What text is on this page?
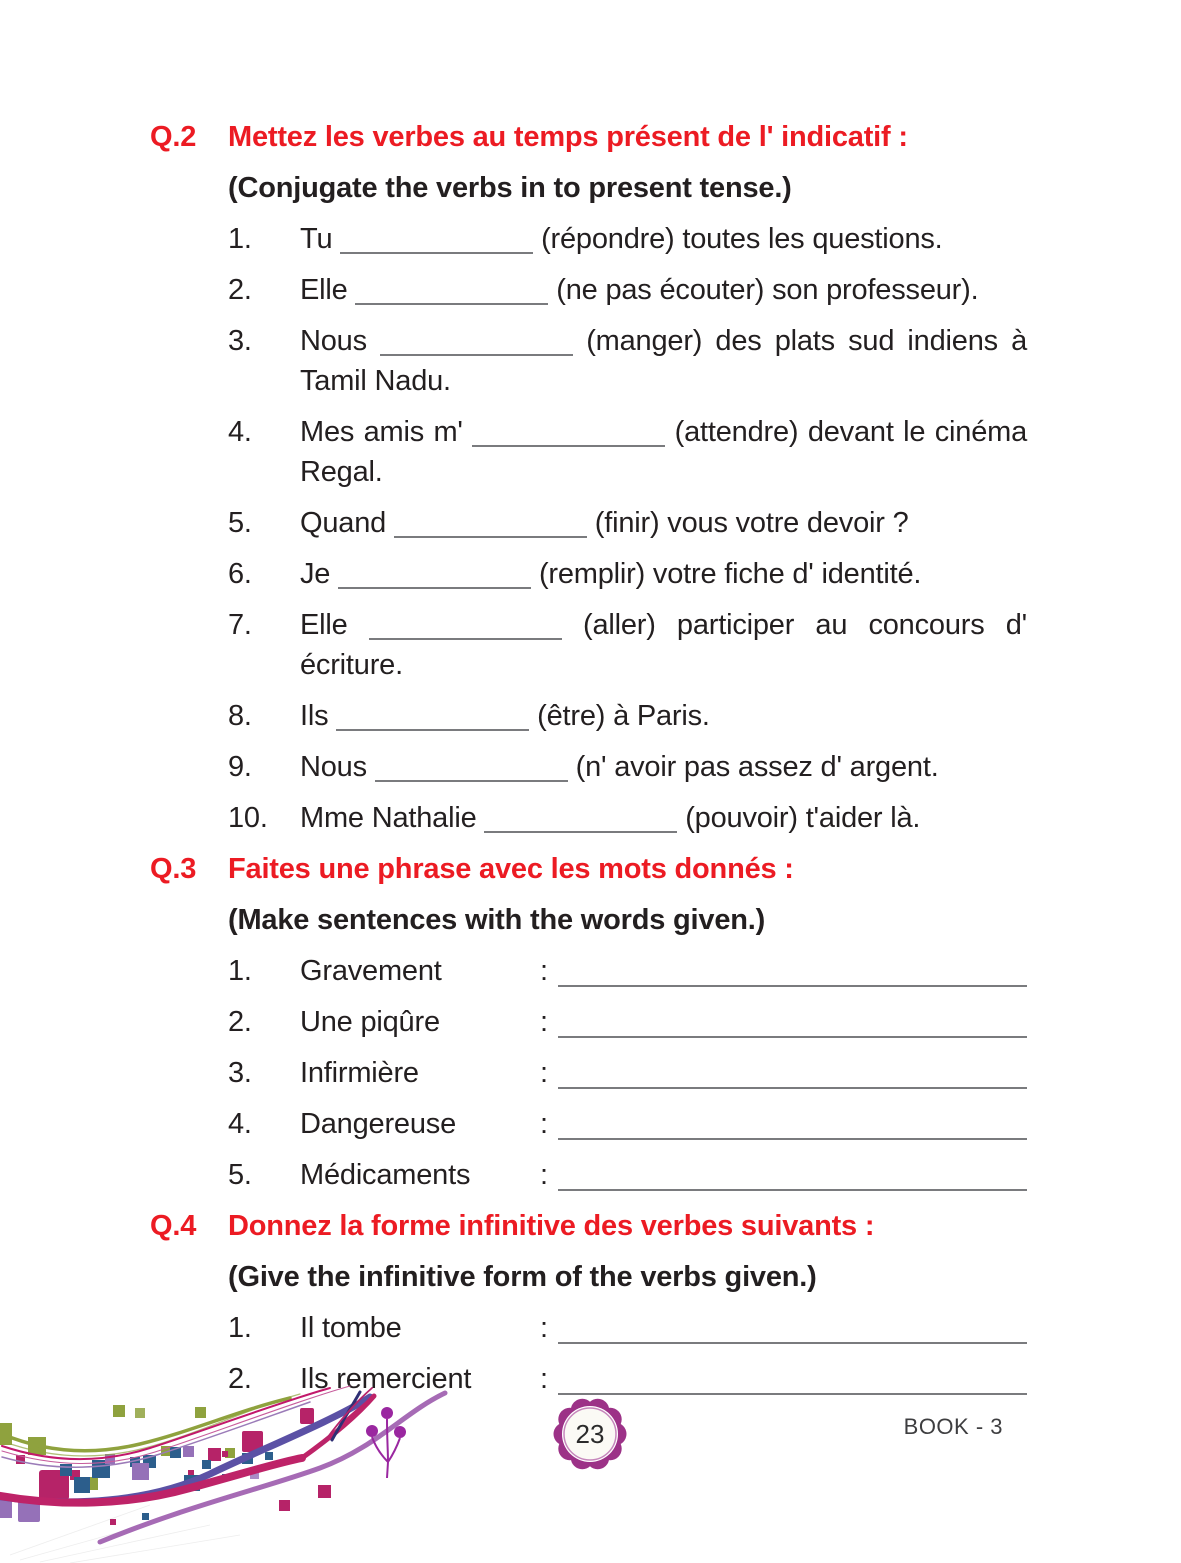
Q.2	Mettez les verbes au temps présent de l' indicatif :
(Conjugate the verbs in to present tense.)
1.	Tu	(répondre) toutes les questions.

2.	Elle	(ne pas écouter) son professeur).

3.	Nous	(manger) des plats sud indiens à Tamil Nadu.

4.	Mes amis m'	(attendre) devant le cinéma Regal.

5.	Quand	(finir) vous votre devoir ?

6.	Je	(remplir) votre fiche d' identité.

7.	Elle	(aller) participer au concours d' écriture.

8.	Ils	(être) à Paris.

9.	Nous	(n' avoir pas assez d' argent.

10.	Mme Nathalie	(pouvoir) t'aider là.

Q.3	Faites une phrase avec les mots donnés :
(Make sentences with the words given.)
1.	Gravement	:
2.	Une piqûre	:
3.	Infirmière	:
4.	Dangereuse	:
5.	Médicaments	:
Q.4	Donnez la forme infinitive des verbes suivants :
(Give the infinitive form of the verbs given.)
1.	Il tombe	:
2.	Ils remercient	:
23	BOOK - 3
